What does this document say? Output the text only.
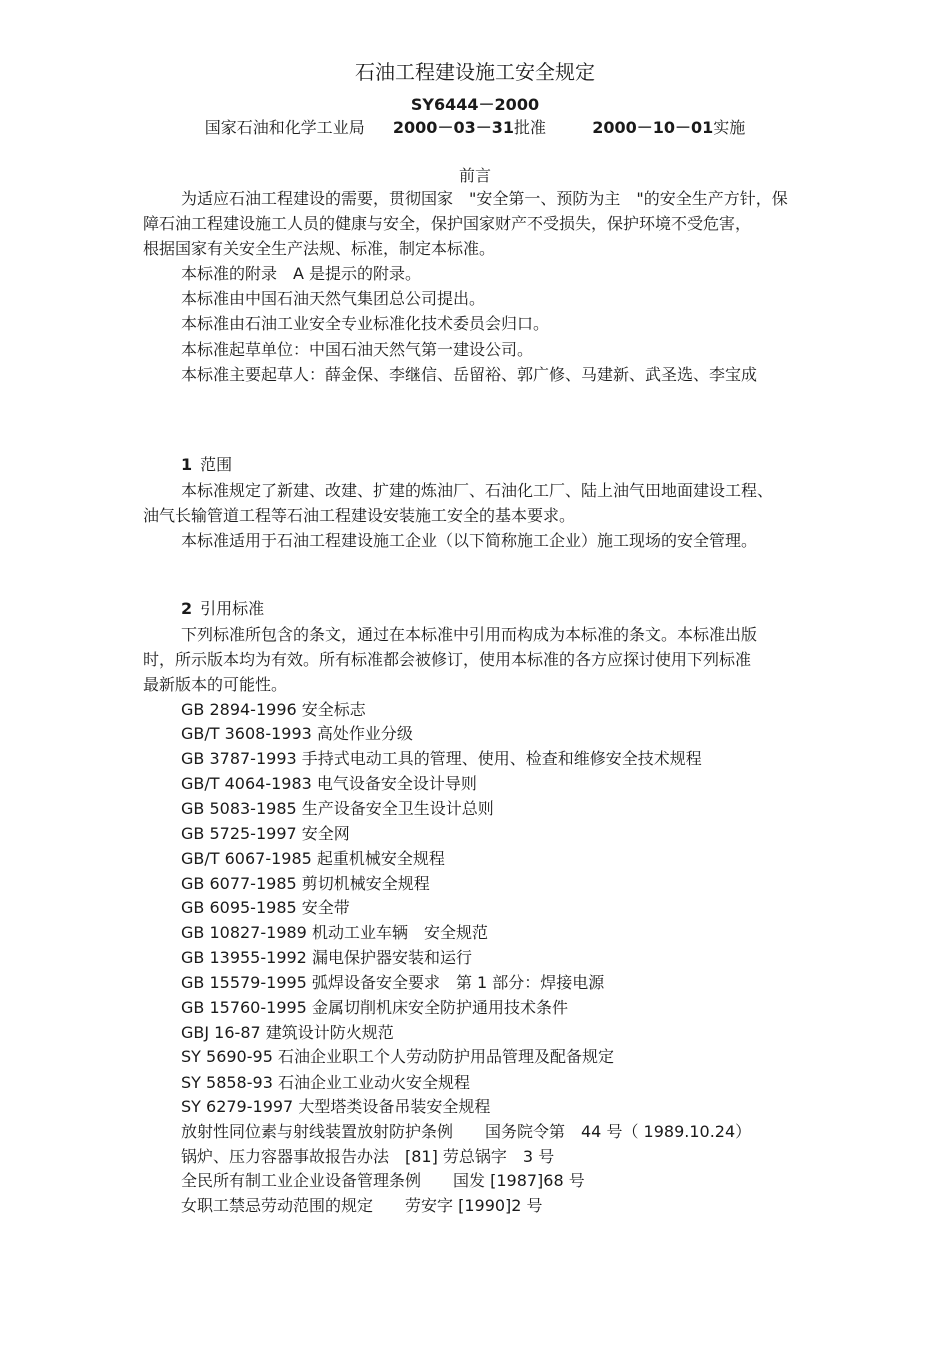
石油工程建设施工安全规定
SY6444－2000
国家石油和化学工业局 2000－03－31批准	2000－10－01实施
前言
为适应石油工程建设的需要，贯彻国家　"安全第一、预防为主　"的安全生产方针，保
障石油工程建设施工人员的健康与安全，保护国家财产不受损失，保护环境不受危害，
根据国家有关安全生产法规、标准，制定本标准。
本标准的附录　A 是提示的附录。
本标准由中国石油天然气集团总公司提出。
本标准由石油工业安全专业标准化技术委员会归口。
本标准起草单位：中国石油天然气第一建设公司。
本标准主要起草人：薛金保、李继信、岳留裕、郭广修、马建新、武圣选、李宝成
1 范围
本标准规定了新建、改建、扩建的炼油厂、石油化工厂、陆上油气田地面建设工程、
油气长输管道工程等石油工程建设安装施工安全的基本要求。
本标准适用于石油工程建设施工企业（以下简称施工企业）施工现场的安全管理。
2 引用标准
下列标准所包含的条文，通过在本标准中引用而构成为本标准的条文。本标准出版
时，所示版本均为有效。所有标准都会被修订，使用本标准的各方应探讨使用下列标准
最新版本的可能性。
GB 2894-1996 安全标志
GB/T 3608-1993 高处作业分级
GB 3787-1993 手持式电动工具的管理、使用、检查和维修安全技术规程
GB/T 4064-1983 电气设备安全设计导则
GB 5083-1985 生产设备安全卫生设计总则
GB 5725-1997 安全网
GB/T 6067-1985 起重机械安全规程
GB 6077-1985 剪切机械安全规程
GB 6095-1985 安全带
GB 10827-1989 机动工业车辆　安全规范
GB 13955-1992 漏电保护器安装和运行
GB 15579-1995 弧焊设备安全要求　第 1 部分：焊接电源
GB 15760-1995 金属切削机床安全防护通用技术条件
GBJ 16-87 建筑设计防火规范
SY 5690-95 石油企业职工个人劳动防护用品管理及配备规定
SY 5858-93 石油企业工业动火安全规程
SY 6279-1997 大型塔类设备吊装安全规程
放射性同位素与射线装置放射防护条例　　国务院令第　44 号（ 1989.10.24）
锅炉、压力容器事故报告办法　[81] 劳总锅字　3 号
全民所有制工业企业设备管理条例　　国发 [1987]68 号
女职工禁忌劳动范围的规定　　劳安字 [1990]2 号
